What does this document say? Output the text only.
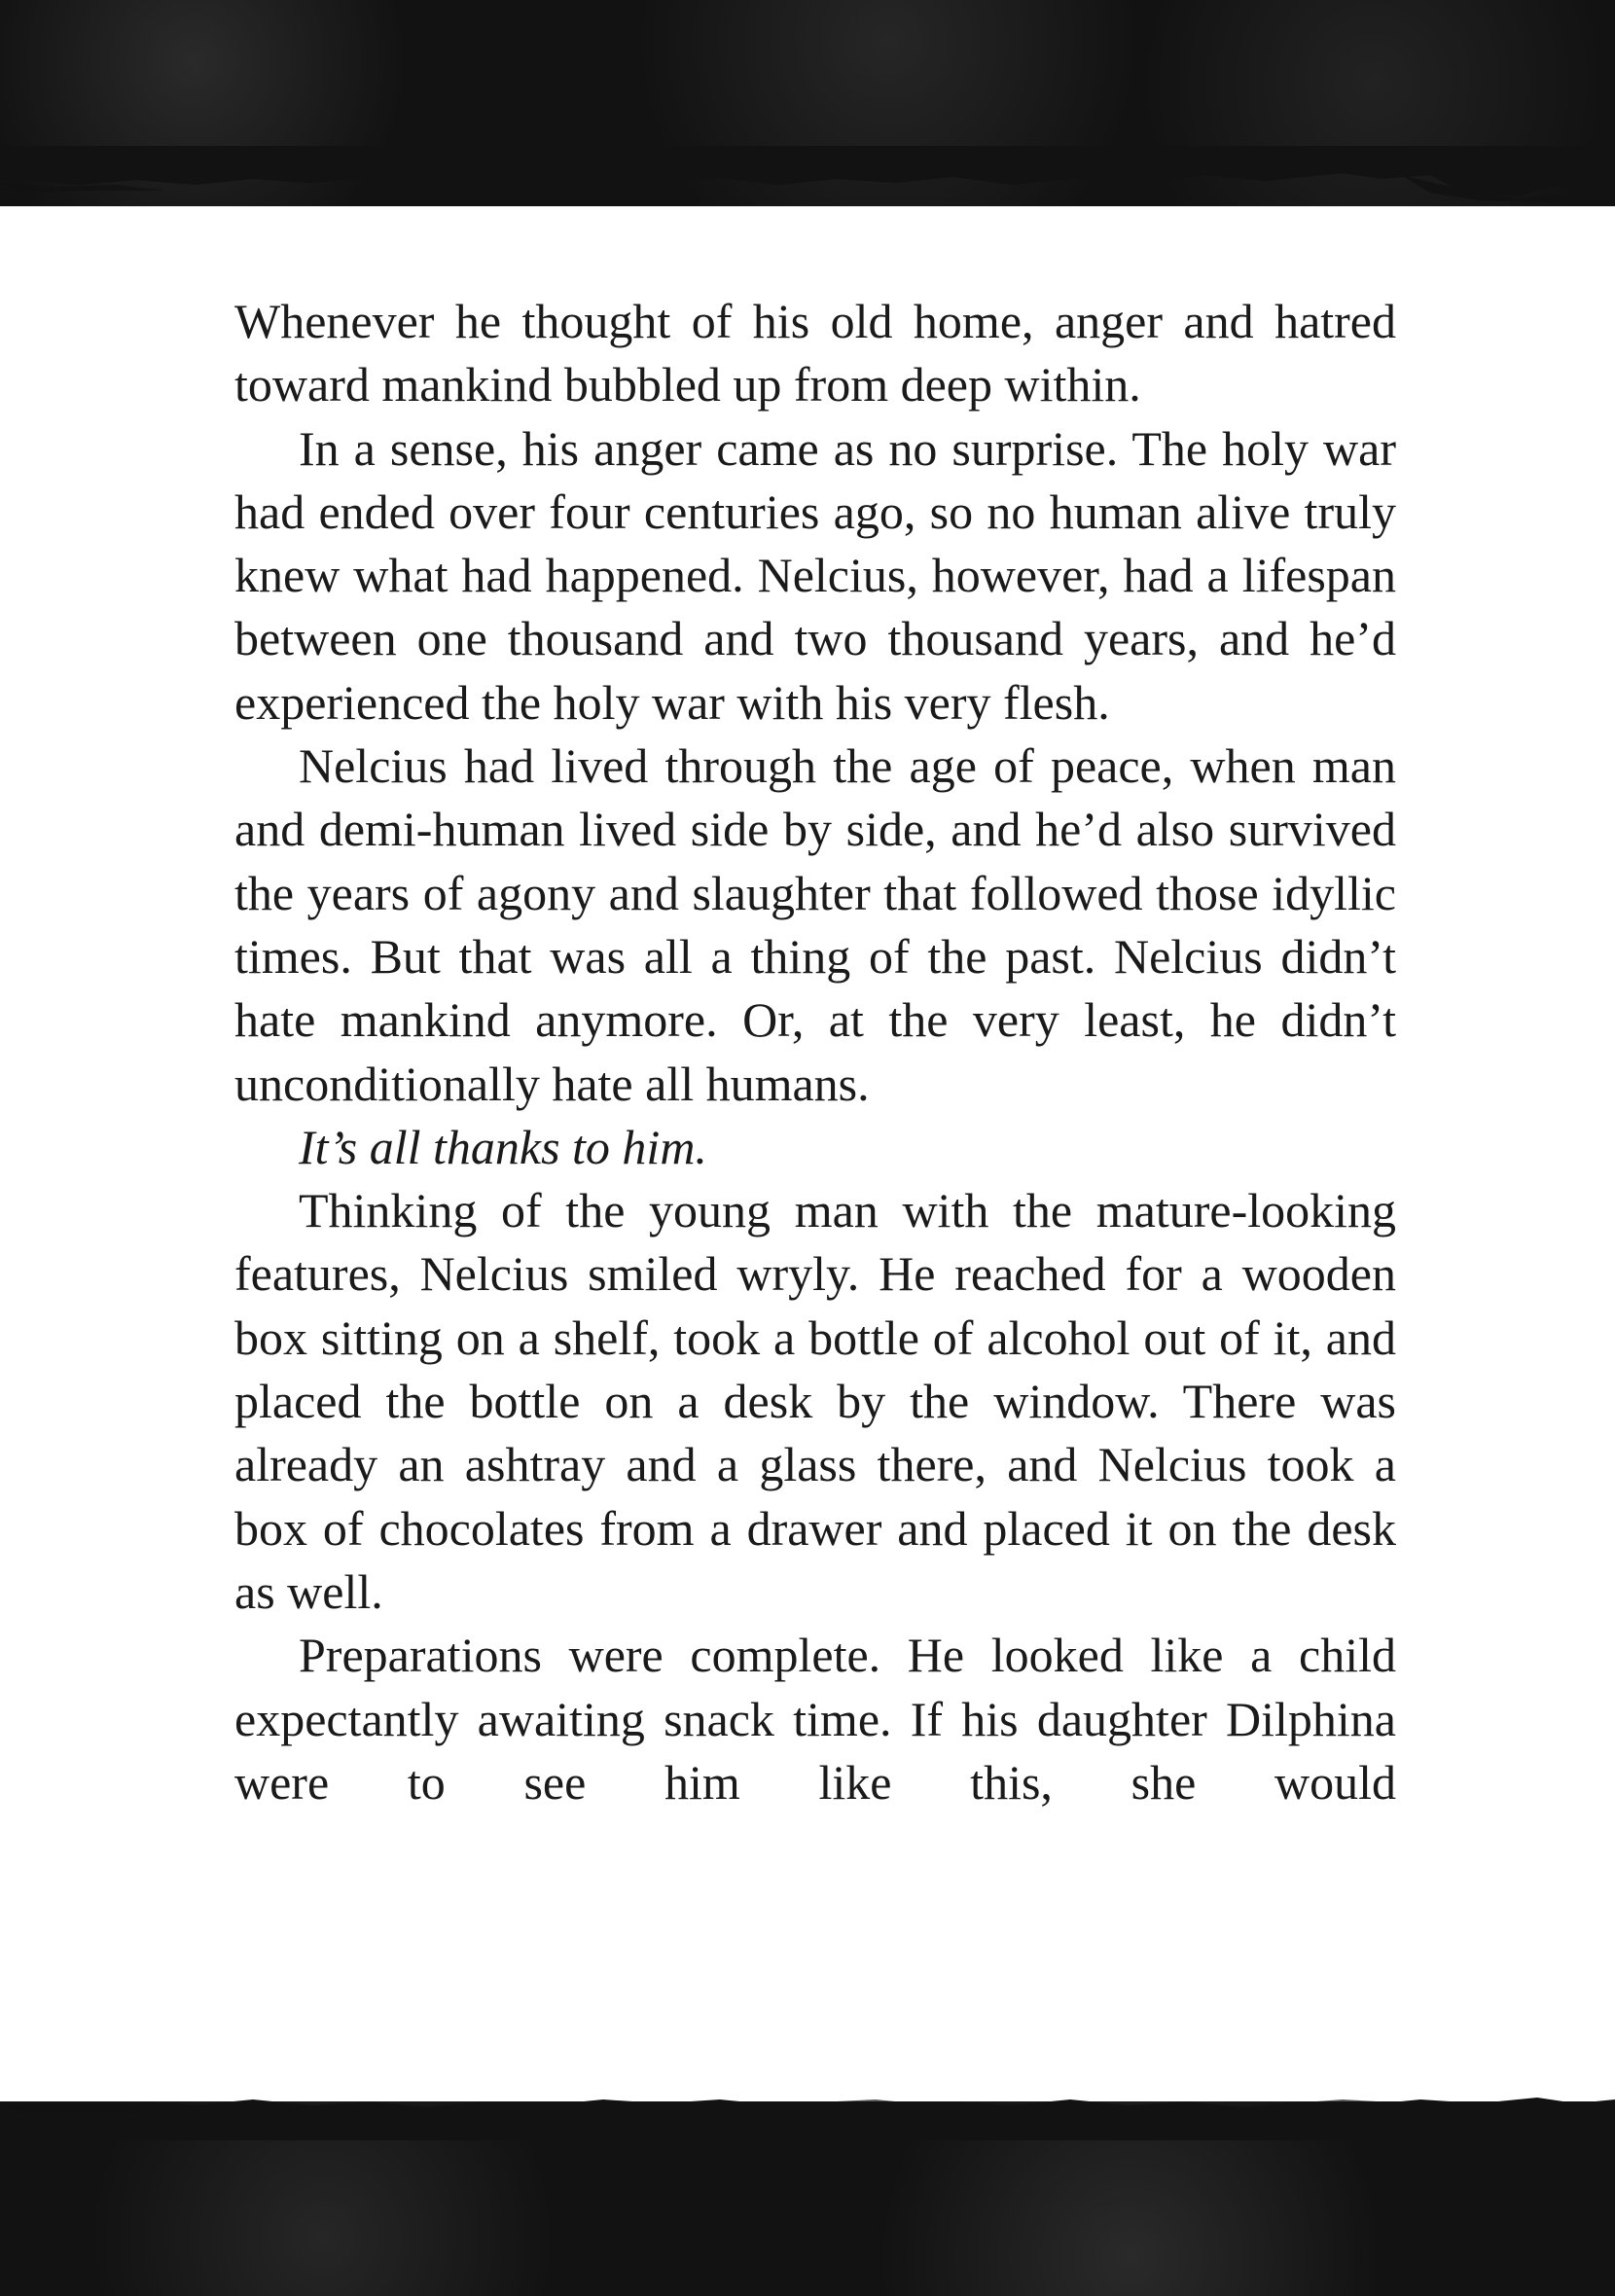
Whenever he thought of his old home, anger and hatred toward mankind bubbled up from deep within.

In a sense, his anger came as no surprise. The holy war had ended over four centuries ago, so no human alive truly knew what had happened. Nelcius, however, had a lifespan between one thousand and two thousand years, and he’d experienced the holy war with his very flesh.

Nelcius had lived through the age of peace, when man and demi-human lived side by side, and he’d also survived the years of agony and slaughter that followed those idyllic times. But that was all a thing of the past. Nelcius didn’t hate mankind anymore. Or, at the very least, he didn’t unconditionally hate all humans.

It’s all thanks to him.

Thinking of the young man with the mature-looking features, Nelcius smiled wryly. He reached for a wooden box sitting on a shelf, took a bottle of alcohol out of it, and placed the bottle on a desk by the window. There was already an ashtray and a glass there, and Nelcius took a box of chocolates from a drawer and placed it on the desk as well.

Preparations were complete. He looked like a child expectantly awaiting snack time. If his daughter Dilphina were to see him like this, she would
